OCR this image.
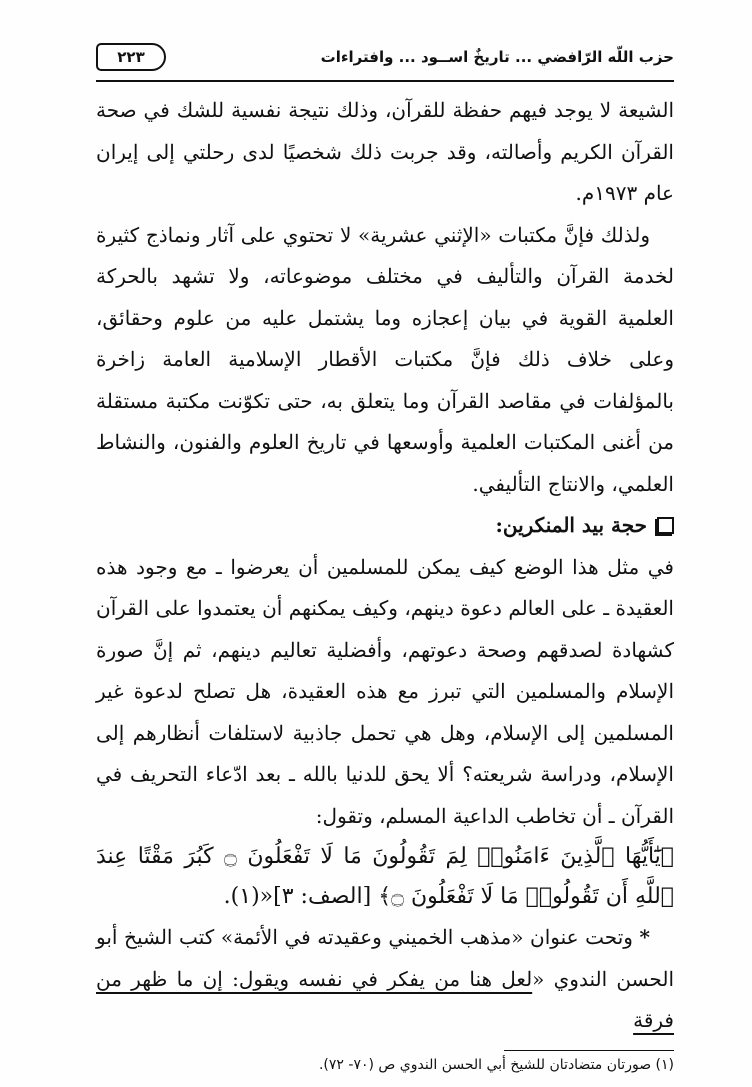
حزب اللّه الرّافضي ... تاريخٌ اســود ... وافتراءات
٢٢٣

الشيعة لا يوجد فيهم حفظة للقرآن، وذلك نتيجة نفسية للشك في صحة القرآن الكريم وأصالته، وقد جربت ذلك شخصيًا لدى رحلتي إلى إيران عام ١٩٧٣م.

ولذلك فإنَّ مكتبات «الإثني عشرية» لا تحتوي على آثار ونماذج كثيرة لخدمة القرآن والتأليف في مختلف موضوعاته، ولا تشهد بالحركة العلمية القوية في بيان إعجازه وما يشتمل عليه من علوم وحقائق، وعلى خلاف ذلك فإنَّ مكتبات الأقطار الإسلامية العامة زاخرة بالمؤلفات في مقاصد القرآن وما يتعلق به، حتى تكوّنت مكتبة مستقلة من أغنى المكتبات العلمية وأوسعها في تاريخ العلوم والفنون، والنشاط العلمي، والانتاج التأليفي.

حجة بيد المنكرين:

في مثل هذا الوضع كيف يمكن للمسلمين أن يعرضوا ـ مع وجود هذه العقيدة ـ على العالم دعوة دينهم، وكيف يمكنهم أن يعتمدوا على القرآن كشهادة لصدقهم وصحة دعوتهم، وأفضلية تعاليم دينهم، ثم إنَّ صورة الإسلام والمسلمين التي تبرز مع هذه العقيدة، هل تصلح لدعوة غير المسلمين إلى الإسلام، وهل هي تحمل جاذبية لاستلفات أنظارهم إلى الإسلام، ودراسة شريعته؟ ألا يحق للدنيا بالله ـ بعد ادّعاء التحريف في القرآن ـ أن تخاطب الداعية المسلم، وتقول:

﴿يَٰٓأَيُّهَا ٱلَّذِينَ ءَامَنُوا۟ لِمَ تَقُولُونَ مَا لَا تَفْعَلُونَ ۝ كَبُرَ مَقْتًا عِندَ ٱللَّهِ أَن تَقُولُوا۟ مَا لَا تَفْعَلُونَ ۝﴾ [الصف: ٣]«(١).

* وتحت عنوان «مذهب الخميني وعقيدته في الأئمة» كتب الشيخ أبو الحسن الندوي «لعل هنا من يفكر في نفسه ويقول: إن ما ظهر من فرقة

(١) صورتان متضادتان للشيخ أبي الحسن الندوي ص (٧٠- ٧٢).
